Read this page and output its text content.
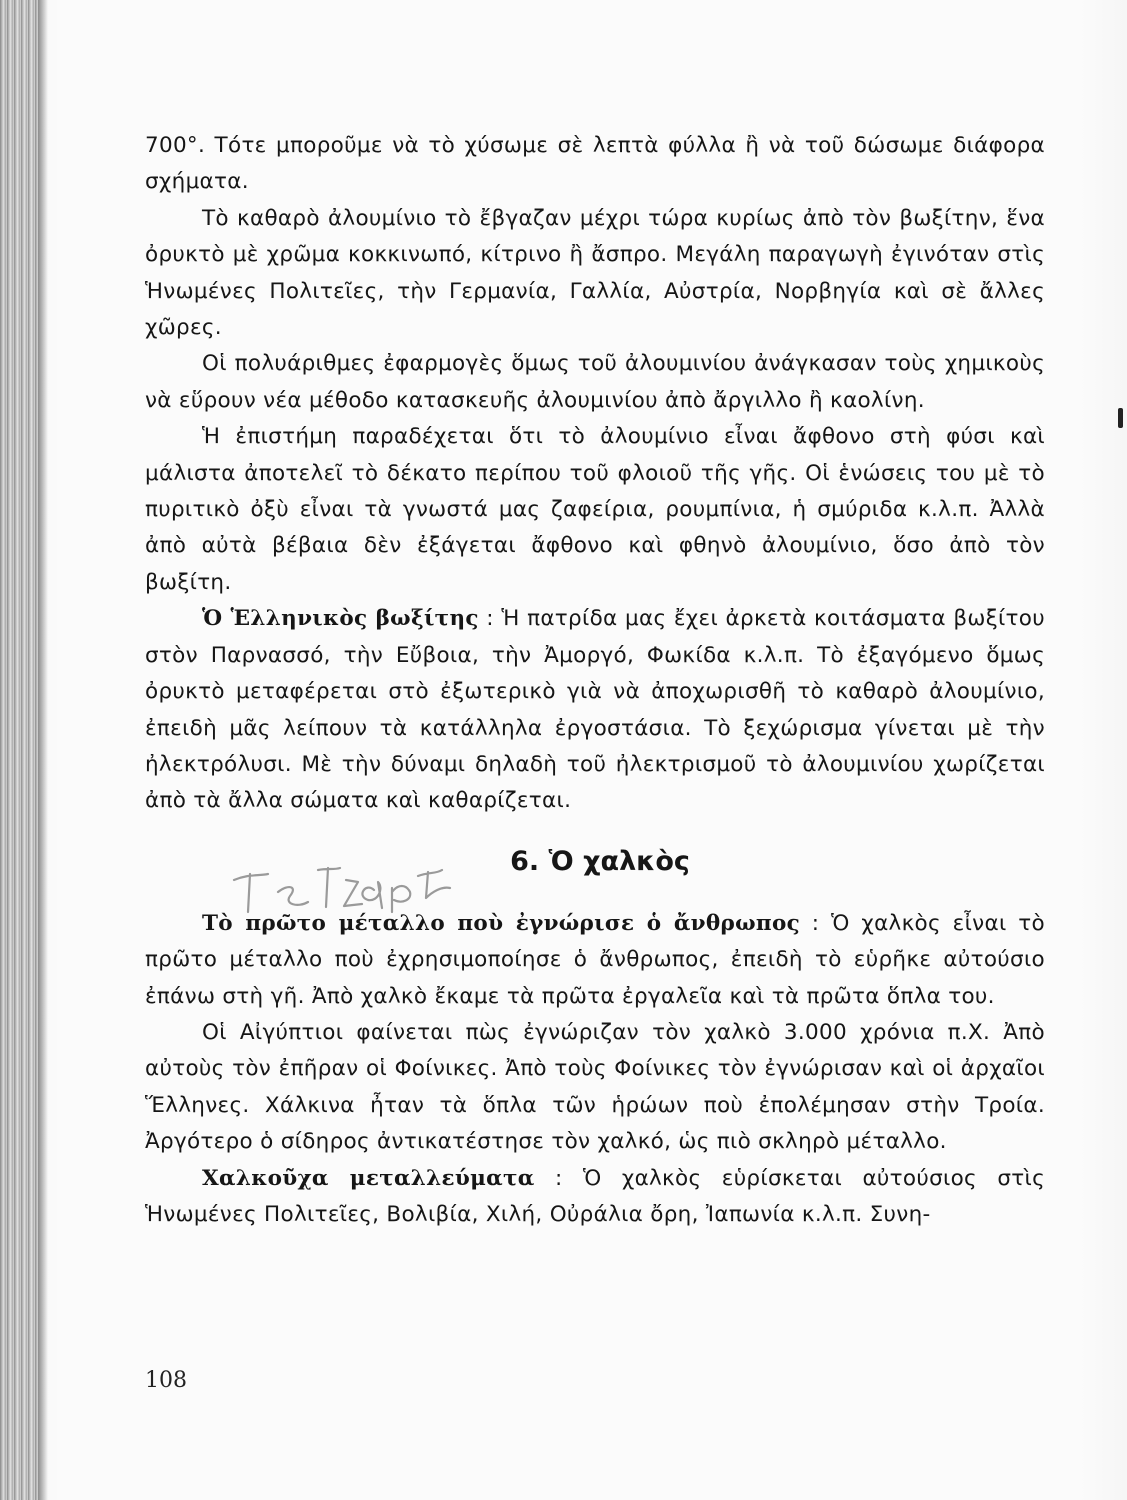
700°. Τότε μποροῦμε νὰ τὸ χύσωμε σὲ λεπτὰ φύλλα ἢ νὰ τοῦ δώσωμε διάφορα σχήματα.

Τὸ καθαρὸ ἀλουμίνιο τὸ ἔβγαζαν μέχρι τώρα κυρίως ἀπὸ τὸν βωξίτην, ἕνα ὀρυκτὸ μὲ χρῶμα κοκκινωπό, κίτρινο ἢ ἄσπρο. Μεγάλη παραγωγὴ ἐγινόταν στὶς Ἡνωμένες Πολιτεῖες, τὴν Γερμανία, Γαλλία, Αὐστρία, Νορβηγία καὶ σὲ ἄλλες χῶρες.

Οἱ πολυάριθμες ἐφαρμογὲς ὅμως τοῦ ἀλουμινίου ἀνάγκασαν τοὺς χημικοὺς νὰ εὕρουν νέα μέθοδο κατασκευῆς ἀλουμινίου ἀπὸ ἄργιλλο ἢ καολίνη.

Ἡ ἐπιστήμη παραδέχεται ὅτι τὸ ἀλουμίνιο εἶναι ἄφθονο στὴ φύσι καὶ μάλιστα ἀποτελεῖ τὸ δέκατο περίπου τοῦ φλοιοῦ τῆς γῆς. Οἱ ἑνώσεις του μὲ τὸ πυριτικὸ ὀξὺ εἶναι τὰ γνωστά μας ζαφείρια, ρουμπίνια, ἡ σμύριδα κ.λ.π. Ἀλλὰ ἀπὸ αὐτὰ βέβαια δὲν ἐξάγεται ἄφθονο καὶ φθηνὸ ἀλουμίνιο, ὅσο ἀπὸ τὸν βωξίτη.

Ὁ Ἑλληνικὸς βωξίτης : Ἡ πατρίδα μας ἔχει ἀρκετὰ κοιτάσματα βωξίτου στὸν Παρνασσό, τὴν Εὔβοια, τὴν Ἀμοργό, Φωκίδα κ.λ.π. Τὸ ἐξαγόμενο ὅμως ὀρυκτὸ μεταφέρεται στὸ ἐξωτερικὸ γιὰ νὰ ἀποχωρισθῆ τὸ καθαρὸ ἀλουμίνιο, ἐπειδὴ μᾶς λείπουν τὰ κατάλληλα ἐργοστάσια. Τὸ ξεχώρισμα γίνεται μὲ τὴν ἠλεκτρόλυσι. Μὲ τὴν δύναμι δηλαδὴ τοῦ ἠλεκτρισμοῦ τὸ ἀλουμινίου χωρίζεται ἀπὸ τὰ ἄλλα σώματα καὶ καθαρίζεται.

6. Ὁ χαλκὸς

Τὸ πρῶτο μέταλλο ποὺ ἐγνώρισε ὁ ἄνθρωπος : Ὁ χαλκὸς εἶναι τὸ πρῶτο μέταλλο ποὺ ἐχρησιμοποίησε ὁ ἄνθρωπος, ἐπειδὴ τὸ εὑρῆκε αὐτούσιο ἐπάνω στὴ γῆ. Ἀπὸ χαλκὸ ἔκαμε τὰ πρῶτα ἐργαλεῖα καὶ τὰ πρῶτα ὅπλα του.

Οἱ Αἰγύπτιοι φαίνεται πὼς ἐγνώριζαν τὸν χαλκὸ 3.000 χρόνια π.Χ. Ἀπὸ αὐτοὺς τὸν ἐπῆραν οἱ Φοίνικες. Ἀπὸ τοὺς Φοίνικες τὸν ἐγνώρισαν καὶ οἱ ἀρχαῖοι Ἕλληνες. Χάλκινα ἦταν τὰ ὅπλα τῶν ἡρώων ποὺ ἐπολέμησαν στὴν Τροία. Ἀργότερο ὁ σίδηρος ἀντικατέστησε τὸν χαλκό, ὡς πιὸ σκληρὸ μέταλλο.

Χαλκοῦχα μεταλλεύματα : Ὁ χαλκὸς εὑρίσκεται αὐτούσιος στὶς Ἡνωμένες Πολιτεῖες, Βολιβία, Χιλή, Οὐράλια ὄρη, Ἰαπωνία κ.λ.π. Συνη-

108
